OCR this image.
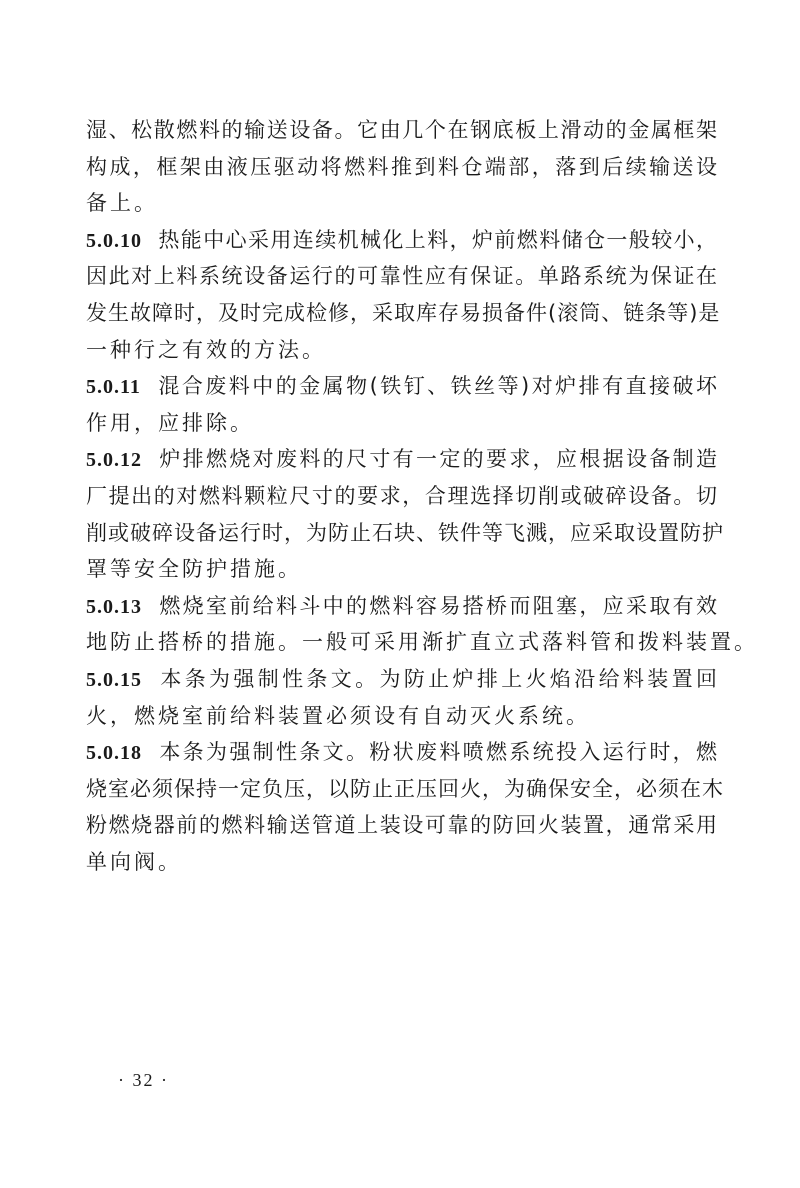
湿、松散燃料的输送设备。它由几个在钢底板上滑动的金属框架
构成，框架由液压驱动将燃料推到料仓端部，落到后续输送设
备上。
5.0.10 热能中心采用连续机械化上料，炉前燃料储仓一般较小，
因此对上料系统设备运行的可靠性应有保证。单路系统为保证在
发生故障时，及时完成检修，采取库存易损备件(滚筒、链条等)是
一种行之有效的方法。
5.0.11 混合废料中的金属物(铁钉、铁丝等)对炉排有直接破坏
作用，应排除。
5.0.12 炉排燃烧对废料的尺寸有一定的要求，应根据设备制造
厂提出的对燃料颗粒尺寸的要求，合理选择切削或破碎设备。切
削或破碎设备运行时，为防止石块、铁件等飞溅，应采取设置防护
罩等安全防护措施。
5.0.13 燃烧室前给料斗中的燃料容易搭桥而阻塞，应采取有效
地防止搭桥的措施。一般可采用渐扩直立式落料管和拨料装置。
5.0.15 本条为强制性条文。为防止炉排上火焰沿给料装置回
火，燃烧室前给料装置必须设有自动灭火系统。
5.0.18 本条为强制性条文。粉状废料喷燃系统投入运行时，燃
烧室必须保持一定负压，以防止正压回火，为确保安全，必须在木
粉燃烧器前的燃料输送管道上装设可靠的防回火装置，通常采用
单向阀。
· 32 ·
